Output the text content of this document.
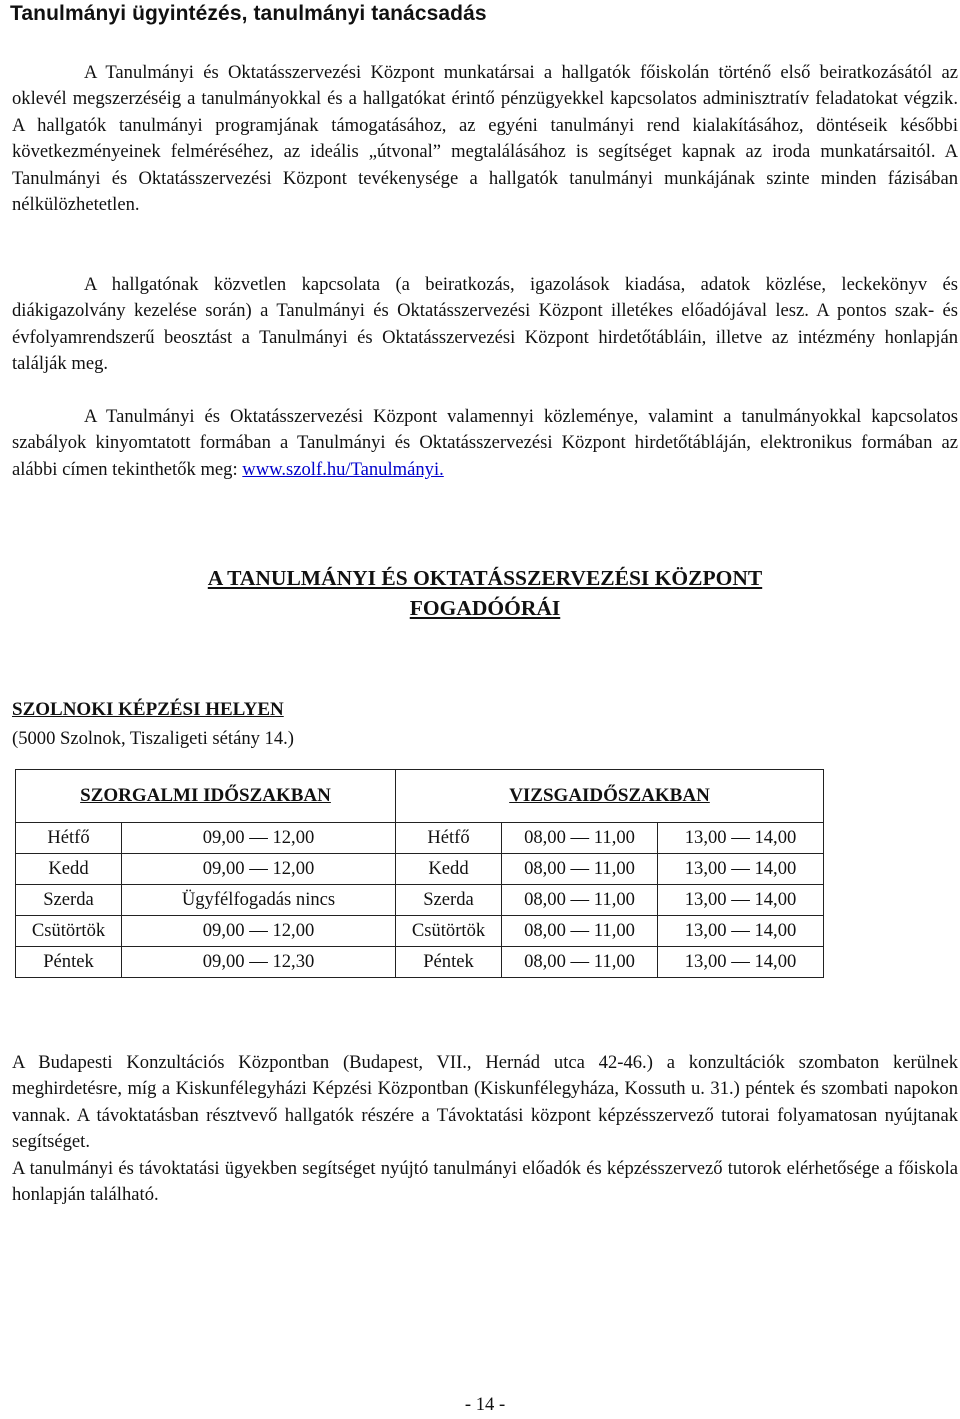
Tanulmányi ügyintézés, tanulmányi tanácsadás
A Tanulmányi és Oktatásszervezési Központ munkatársai a hallgatók főiskolán történő első beiratkozásától az oklevél megszerzéséig a tanulmányokkal és a hallgatókat érintő pénzügyekkel kapcsolatos adminisztratív feladatokat végzik. A hallgatók tanulmányi programjának támogatásához, az egyéni tanulmányi rend kialakításához, döntéseik későbbi következményeinek felméréséhez, az ideális „útvonal” megtalálásához is segítséget kapnak az iroda munkatársaitól. A Tanulmányi és Oktatásszervezési Központ tevékenysége a hallgatók tanulmányi munkájának szinte minden fázisában nélkülözhetetlen.
A hallgatónak közvetlen kapcsolata (a beiratkozás, igazolások kiadása, adatok közlése, leckekönyv és diákigazolvány kezelése során) a Tanulmányi és Oktatásszervezési Központ illetékes előadójával lesz. A pontos szak- és évfolyamrendszerű beosztást a Tanulmányi és Oktatásszervezési Központ hirdetőtábláin, illetve az intézmény honlapján találják meg.
A Tanulmányi és Oktatásszervezési Központ valamennyi közleménye, valamint a tanulmányokkal kapcsolatos szabályok kinyomtatott formában a Tanulmányi és Oktatásszervezési Központ hirdetőtábláján, elektronikus formában az alábbi címen tekinthetők meg: www.szolf.hu/Tanulmányi.
A TANULMÁNYI ÉS OKTATÁSSZERVEZÉSI KÖZPONT
FOGADÓÓRÁI
SZOLNOKI KÉPZÉSI HELYEN
(5000 Szolnok, Tiszaligeti sétány 14.)
SZORGALMI IDŐSZAKBAN		VIZSGAIDŐSZAKBAN		
Hétfő	09,00 — 12,00	Hétfő	08,00 — 11,00	13,00 — 14,00
Kedd	09,00 — 12,00	Kedd	08,00 — 11,00	13,00 — 14,00
Szerda	Ügyfélfogadás nincs	Szerda	08,00 — 11,00	13,00 — 14,00
Csütörtök	09,00 — 12,00	Csütörtök	08,00 — 11,00	13,00 — 14,00
Péntek	09,00 — 12,30	Péntek	08,00 — 11,00	13,00 — 14,00
A Budapesti Konzultációs Központban (Budapest, VII., Hernád utca 42-46.) a konzultációk szombaton kerülnek meghirdetésre, míg a Kiskunfélegyházi Képzési Központban (Kiskunfélegyháza, Kossuth u. 31.) péntek és szombati napokon vannak. A távoktatásban résztvevő hallgatók részére a Távoktatási központ képzésszervező tutorai folyamatosan nyújtanak segítséget.
A tanulmányi és távoktatási ügyekben segítséget nyújtó tanulmányi előadók és képzésszervező tutorok elérhetősége a főiskola honlapján található.
- 14 -
